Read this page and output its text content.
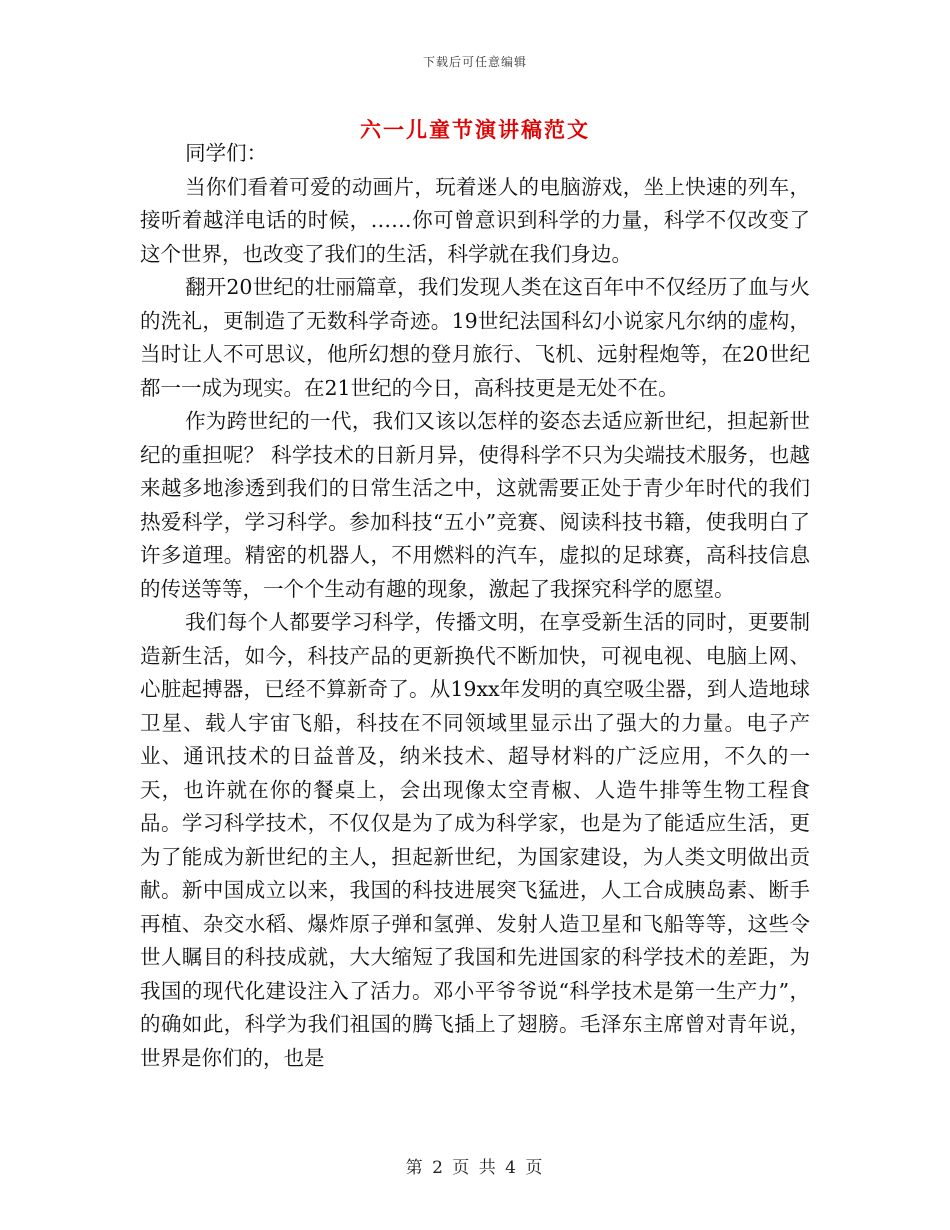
下载后可任意编辑
六一儿童节演讲稿范文

同学们：

当你们看着可爱的动画片，玩着迷人的电脑游戏，坐上快速的列车，接听着越洋电话的时候，……你可曾意识到科学的力量，科学不仅改变了这个世界，也改变了我们的生活，科学就在我们身边。

翻开20世纪的壮丽篇章，我们发现人类在这百年中不仅经历了血与火的洗礼，更制造了无数科学奇迹。19世纪法国科幻小说家凡尔纳的虚构，当时让人不可思议，他所幻想的登月旅行、飞机、远射程炮等，在20世纪都一一成为现实。在21世纪的今日，高科技更是无处不在。

作为跨世纪的一代，我们又该以怎样的姿态去适应新世纪，担起新世纪的重担呢？ 科学技术的日新月异，使得科学不只为尖端技术服务，也越来越多地渗透到我们的日常生活之中，这就需要正处于青少年时代的我们热爱科学，学习科学。参加科技“五小”竞赛、阅读科技书籍，使我明白了许多道理。精密的机器人，不用燃料的汽车，虚拟的足球赛，高科技信息的传送等等，一个个生动有趣的现象，激起了我探究科学的愿望。

我们每个人都要学习科学，传播文明，在享受新生活的同时，更要制造新生活，如今，科技产品的更新换代不断加快，可视电视、电脑上网、心脏起搏器，已经不算新奇了。从19xx年发明的真空吸尘器，到人造地球卫星、载人宇宙飞船，科技在不同领域里显示出了强大的力量。电子产业、通讯技术的日益普及，纳米技术、超导材料的广泛应用，不久的一天，也许就在你的餐桌上，会出现像太空青椒、人造牛排等生物工程食品。学习科学技术，不仅仅是为了成为科学家，也是为了能适应生活，更为了能成为新世纪的主人，担起新世纪，为国家建设，为人类文明做出贡献。新中国成立以来，我国的科技进展突飞猛进，人工合成胰岛素、断手再植、杂交水稻、爆炸原子弹和氢弹、发射人造卫星和飞船等等，这些令世人瞩目的科技成就，大大缩短了我国和先进国家的科学技术的差距，为我国的现代化建设注入了活力。邓小平爷爷说“科学技术是第一生产力”，的确如此，科学为我们祖国的腾飞插上了翅膀。毛泽东主席曾对青年说，世界是你们的，也是

第 2 页 共 4 页
